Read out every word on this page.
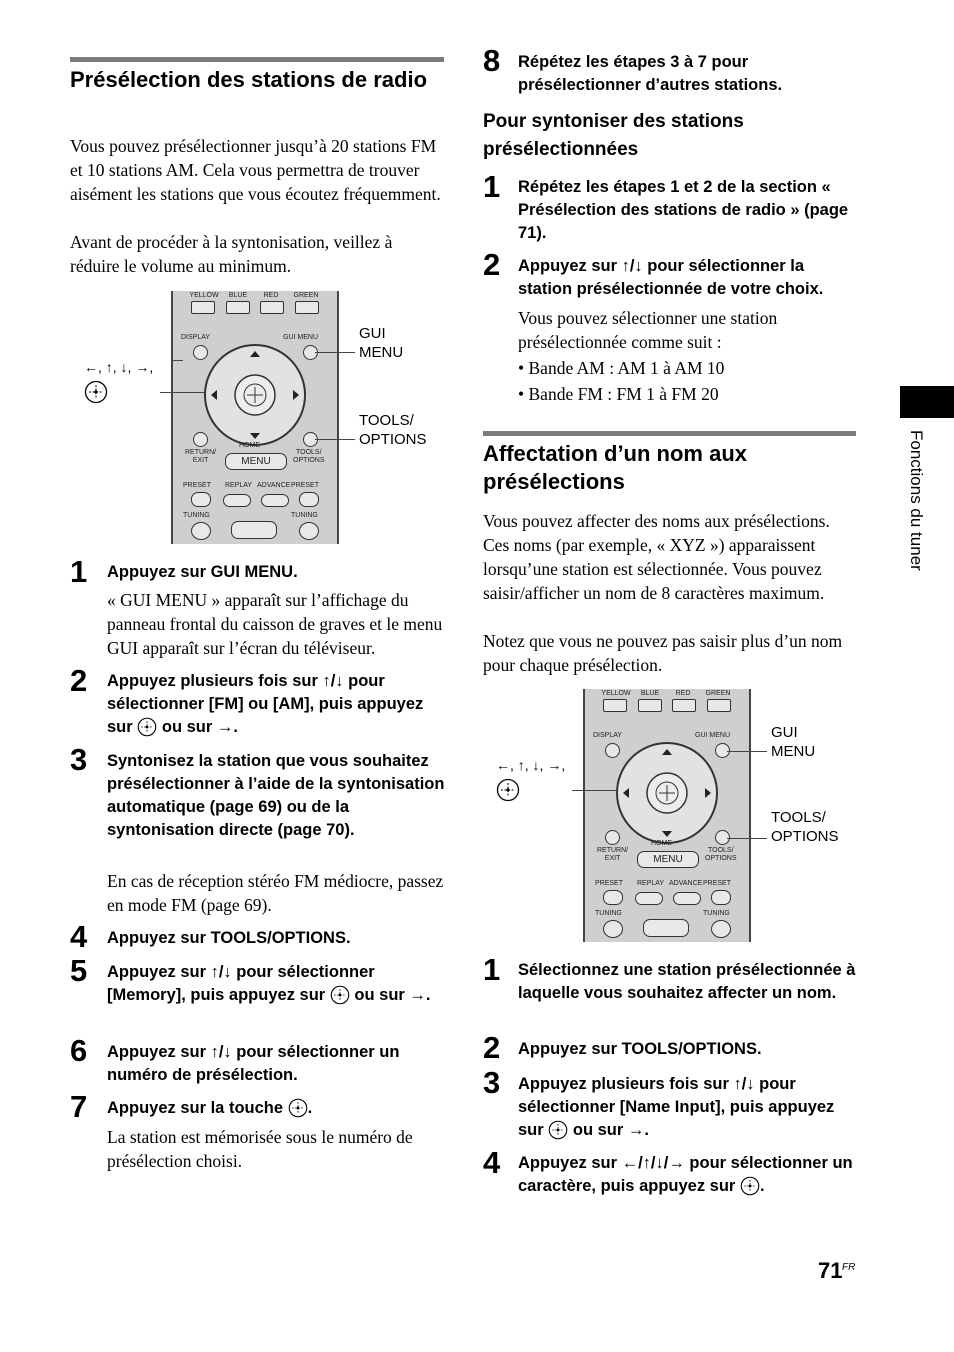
Présélection des stations de radio
Vous pouvez présélectionner jusqu’à 20 stations FM et 10 stations AM. Cela vous permettra de trouver aisément les stations que vous écoutez fréquemment.
Avant de procéder à la syntonisation, veillez à réduire le volume au minimum.
YELLOW	BLUE	RED	GREEN
DISPLAY	GUI MENU
HOME
RETURN/
EXIT
TOOLS/
OPTIONS
MENU
PRESET REPLAY ADVANCE PRESET
TUNING	TUNING
←, ↑, ↓, →,
GUI
MENU
TOOLS/
OPTIONS
1 Appuyez sur GUI MENU.
« GUI MENU » apparaît sur l’affichage du panneau frontal du caisson de graves et le menu GUI apparaît sur l’écran du téléviseur.
2 Appuyez plusieurs fois sur ↑/↓ pour sélectionner [FM] ou [AM], puis appuyez sur ou sur →.
3 Syntonisez la station que vous souhaitez présélectionner à l’aide de la syntonisation automatique (page 69) ou de la syntonisation directe (page 70).
En cas de réception stéréo FM médiocre, passez en mode FM (page 69).
4 Appuyez sur TOOLS/OPTIONS.
5 Appuyez sur ↑/↓ pour sélectionner [Memory], puis appuyez sur ou sur →.
6 Appuyez sur ↑/↓ pour sélectionner un numéro de présélection.
7 Appuyez sur la touche .
La station est mémorisée sous le numéro de présélection choisi.
8 Répétez les étapes 3 à 7 pour présélectionner d’autres stations.
Pour syntoniser des stations présélectionnées
1 Répétez les étapes 1 et 2 de la section « Présélection des stations de radio » (page 71).
2 Appuyez sur ↑/↓ pour sélectionner la station présélectionnée de votre choix.
Vous pouvez sélectionner une station présélectionnée comme suit :
• Bande AM : AM 1 à AM 10
• Bande FM : FM 1 à FM 20
Affectation d’un nom aux présélections
Vous pouvez affecter des noms aux présélections. Ces noms (par exemple, « XYZ ») apparaissent lorsqu’une station est sélectionnée. Vous pouvez saisir/afficher un nom de 8 caractères maximum.
Notez que vous ne pouvez pas saisir plus d’un nom pour chaque présélection.
YELLOW	BLUE	RED	GREEN
DISPLAY	GUI MENU
HOME
RETURN/
EXIT
TOOLS/
OPTIONS
MENU
PRESET REPLAY ADVANCE PRESET
TUNING	TUNING
←, ↑, ↓, →,
GUI
MENU
TOOLS/
OPTIONS
1 Sélectionnez une station présélectionnée à laquelle vous souhaitez affecter un nom.
2 Appuyez sur TOOLS/OPTIONS.
3 Appuyez plusieurs fois sur ↑/↓ pour sélectionner [Name Input], puis appuyez sur ou sur →.
4 Appuyez sur ←/↑/↓/→ pour sélectionner un caractère, puis appuyez sur .
Fonctions du tuner
71 FR
